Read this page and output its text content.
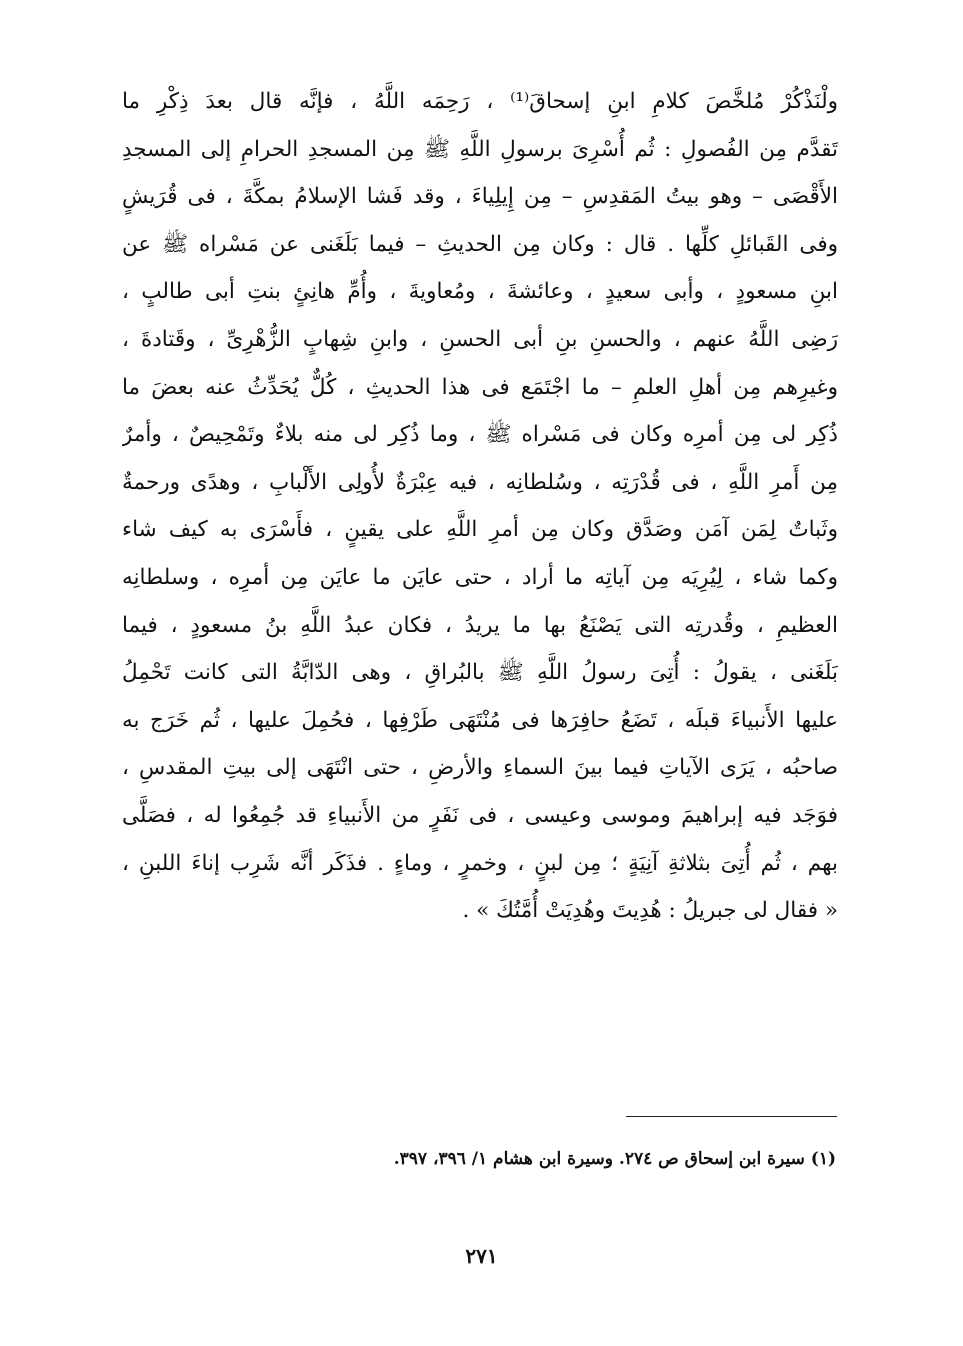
ولْنَذْكُرْ مُلخَّصَ كلامِ ابنِ إسحاقَ⁽¹⁾ ، رَحِمَه اللَّهُ ، فإنَّه قال بعدَ ذِكْرِ ما
تَقدَّم مِن الفُصولِ : ثُم أُسْرِىَ برسولِ اللَّهِ ﷺ مِن المسجدِ الحرامِ إلى المسجدِ
الأَقْصَى – وهو بيتُ المَقدِسِ – مِن إِيلِياءَ ، وقد فَشا الإسلامُ بمكَّةَ ، فى قُرَيشٍ
وفى القَبائلِ كلِّها . قال : وكان مِن الحديثِ – فيما بَلَغَنى عن مَسْراه ﷺ عن
ابنِ مسعودٍ ، وأبى سعيدٍ ، وعائشةَ ، ومُعاويةَ ، وأُمِّ هانِئٍ بنتِ أبى طالبٍ ،
رَضِى اللَّهُ عنهم ، والحسنِ بنِ أبى الحسنِ ، وابنِ شِهابٍ الزُّهْرِىِّ ، وقَتادةَ ،
وغيرِهم مِن أهلِ العلمِ – ما اجْتَمَع فى هذا الحديثِ ، كُلٌّ يُحَدِّثُ عنه بعضَ ما
ذُكِر لى مِن أمرِه وكان فى مَسْراه ﷺ ، وما ذُكِر لى منه بلاءٌ وتَمْحِيصٌ ، وأمرٌ
مِن أَمرِ اللَّهِ ، فى قُدْرَتِه ، وسُلطانِه ، فيه عِبْرَةٌ لأُولِى الأَلْبابِ ، وهدًى ورحمةٌ
وثَباتٌ لِمَن آمَن وصَدَّق وكان مِن أمرِ اللَّهِ على يقينٍ ، فأَسْرَى به كيف شاء
وكما شاء ، لِيُرِيَه مِن آياتِه ما أراد ، حتى عايَن ما عايَن مِن أمرِه ، وسلطانِه
العظيمِ ، وقُدرتِه التى يَصْنَعُ بها ما يريدُ ، فكان عبدُ اللَّهِ بنُ مسعودٍ ، فيما
بَلَغَنى ، يقولُ : أُتِىَ رسولُ اللَّهِ ﷺ بالبُراقِ ، وهى الدّابَّةُ التى كانت تَحْمِلُ
عليها الأَنبياءَ قبلَه ، تَضَعُ حافِرَها فى مُنْتَهَى طَرْفِها ، فحُمِلَ عليها ، ثُم خَرَج به
صاحبُه ، يَرَى الآياتِ فيما بينَ السماءِ والأرضِ ، حتى انْتَهَى إلى بيتِ المقدسِ ،
فوَجَد فيه إبراهيمَ وموسى وعيسى ، فى نَفَرٍ من الأَنبياءِ قد جُمِعُوا له ، فصَلَّى
بهم ، ثُم أُتِىَ بثلاثةِ آنِيَةٍ ؛ مِن لبنٍ ، وخمرٍ ، وماءٍ . فذَكَر أنَّه شَرِب إناءَ اللبنِ ،
« فقال لى جبريلُ : هُدِيتَ وهُدِيَتْ أُمَّتُكَ » .
(١) سيرة ابن إسحاق ص ٢٧٤. وسيرة ابن هشام ١/ ٣٩٦، ٣٩٧.
٢٧١
